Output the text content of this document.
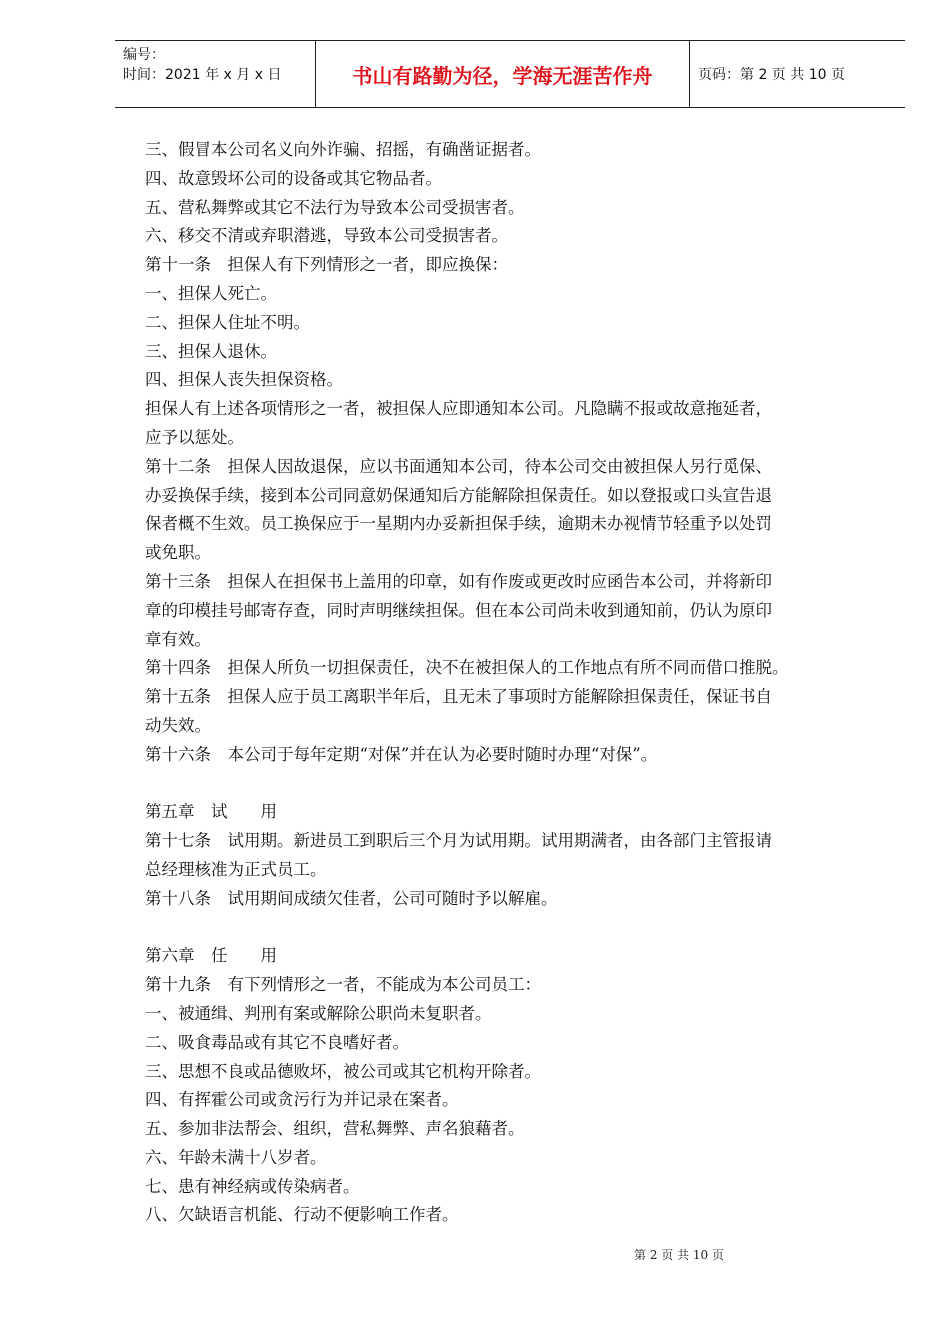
编号：
时间：2021 年 x 月 x 日	书山有路勤为径，学海无涯苦作舟	页码：第 2 页 共 10 页
三、假冒本公司名义向外诈骗、招摇，有确凿证据者。
四、故意毁坏公司的设备或其它物品者。
五、营私舞弊或其它不法行为导致本公司受损害者。
六、移交不清或弃职潜逃，导致本公司受损害者。
第十一条　担保人有下列情形之一者，即应换保：
一、担保人死亡。
二、担保人住址不明。
三、担保人退休。
四、担保人丧失担保资格。
担保人有上述各项情形之一者，被担保人应即通知本公司。凡隐瞒不报或故意拖延者，
应予以惩处。
第十二条　担保人因故退保，应以书面通知本公司，待本公司交由被担保人另行觅保、
办妥换保手续，接到本公司同意奶保通知后方能解除担保责任。如以登报或口头宣告退
保者概不生效。员工换保应于一星期内办妥新担保手续，逾期未办视情节轻重予以处罚
或免职。
第十三条　担保人在担保书上盖用的印章，如有作废或更改时应函告本公司，并将新印
章的印模挂号邮寄存查，同时声明继续担保。但在本公司尚未收到通知前，仍认为原印
章有效。
第十四条　担保人所负一切担保责任，决不在被担保人的工作地点有所不同而借口推脱。
第十五条　担保人应于员工离职半年后，且无未了事项时方能解除担保责任，保证书自
动失效。
第十六条　本公司于每年定期“对保”并在认为必要时随时办理“对保”。
第五章　试　　用
第十七条　试用期。新进员工到职后三个月为试用期。试用期满者，由各部门主管报请
总经理核准为正式员工。
第十八条　试用期间成绩欠佳者，公司可随时予以解雇。
第六章　任　　用
第十九条　有下列情形之一者，不能成为本公司员工：
一、被通缉、判刑有案或解除公职尚未复职者。
二、吸食毒品或有其它不良嗜好者。
三、思想不良或品德败坏，被公司或其它机构开除者。
四、有挥霍公司或贪污行为并记录在案者。
五、参加非法帮会、组织，营私舞弊、声名狼藉者。
六、年龄未满十八岁者。
七、患有神经病或传染病者。
八、欠缺语言机能、行动不便影响工作者。
第 2 页 共 10 页
